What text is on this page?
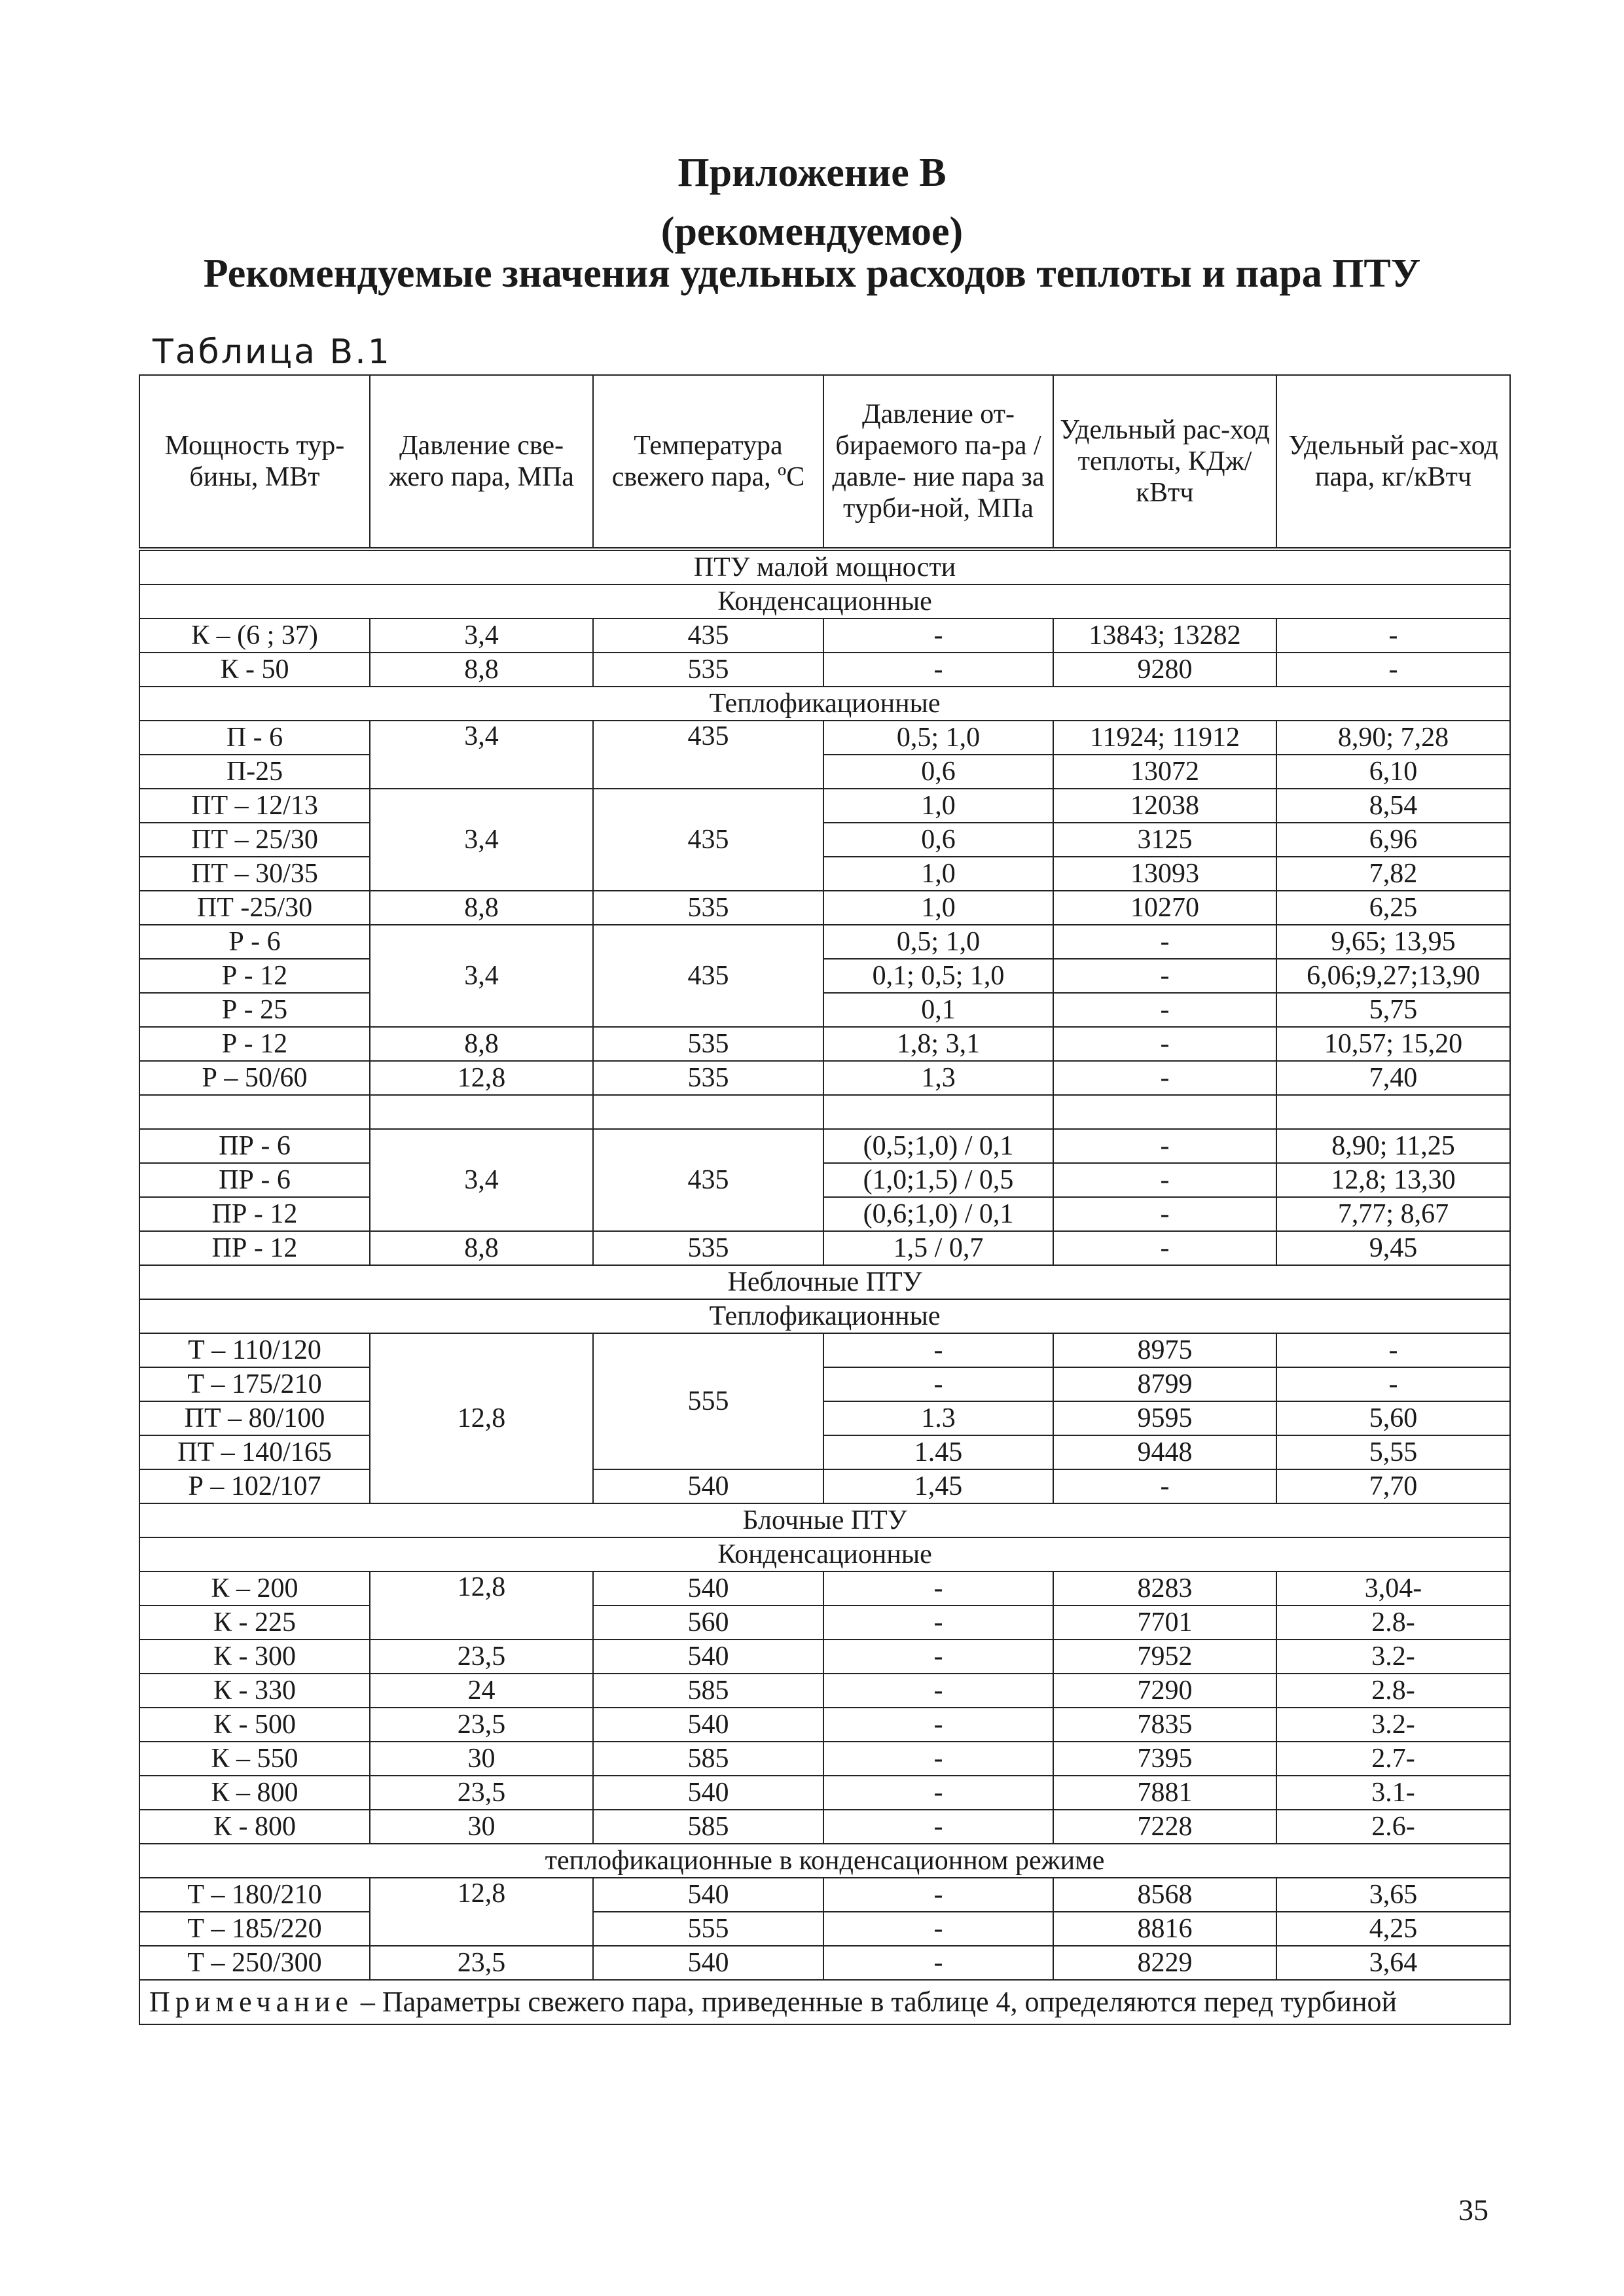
Приложение В
(рекомендуемое)
Рекомендуемые значения удельных расходов теплоты и пара ПТУ
Таблица В.1
Мощность тур-бины, МВт	Давление све-жего пара, МПа	Температура свежего пара, ºС	Давление от-бираемого па-ра / давле- ние пара за турби-ной, МПа	Удельный рас-ход теплоты, КДж/кВтч	Удельный рас-ход пара, кг/кВтч
ПТУ малой мощности					
Конденсационные					
К – (6 ; 37)	3,4	435	-	13843; 13282	-
К - 50	8,8	535	-	9280	-
Теплофикационные					
П - 6	3,4	435	0,5; 1,0	11924; 11912	8,90; 7,28
П-25			0,6	13072	6,10
ПТ – 12/13	3,4	435	1,0	12038	8,54
ПТ – 25/30			0,6	3125	6,96
ПТ – 30/35			1,0	13093	7,82
ПТ -25/30	8,8	535	1,0	10270	6,25
Р - 6	3,4	435	0,5; 1,0	-	9,65; 13,95
Р - 12			0,1; 0,5; 1,0	-	6,06;9,27;13,90
Р - 25			0,1	-	5,75
Р - 12	8,8	535	1,8; 3,1	-	10,57; 15,20
Р – 50/60	12,8	535	1,3	-	7,40

ПР - 6	3,4	435	(0,5;1,0) / 0,1	-	8,90; 11,25
ПР - 6			(1,0;1,5) / 0,5	-	12,8; 13,30
ПР - 12			(0,6;1,0) / 0,1	-	7,77; 8,67
ПР - 12	8,8	535	1,5 / 0,7	-	9,45
Неблочные ПТУ					
Теплофикационные					
Т – 110/120	12,8	555	-	8975	-
Т – 175/210			-	8799	-
ПТ – 80/100			1.3	9595	5,60
ПТ – 140/165			1.45	9448	5,55
Р – 102/107		540	1,45	-	7,70
Блочные ПТУ					
Конденсационные					
К – 200	12,8	540	-	8283	3,04-
К - 225		560	-	7701	2.8-
К - 300	23,5	540	-	7952	3.2-
К - 330	24	585	-	7290	2.8-
К - 500	23,5	540	-	7835	3.2-
К – 550	30	585	-	7395	2.7-
К – 800	23,5	540	-	7881	3.1-
К - 800	30	585	-	7228	2.6-
теплофикационные в конденсационном режиме					
Т – 180/210	12,8	540	-	8568	3,65
Т – 185/220		555	-	8816	4,25
Т – 250/300	23,5	540	-	8229	3,64
Примечание – Параметры свежего пара, приведенные в таблице 4, определяются перед турбиной					
35
